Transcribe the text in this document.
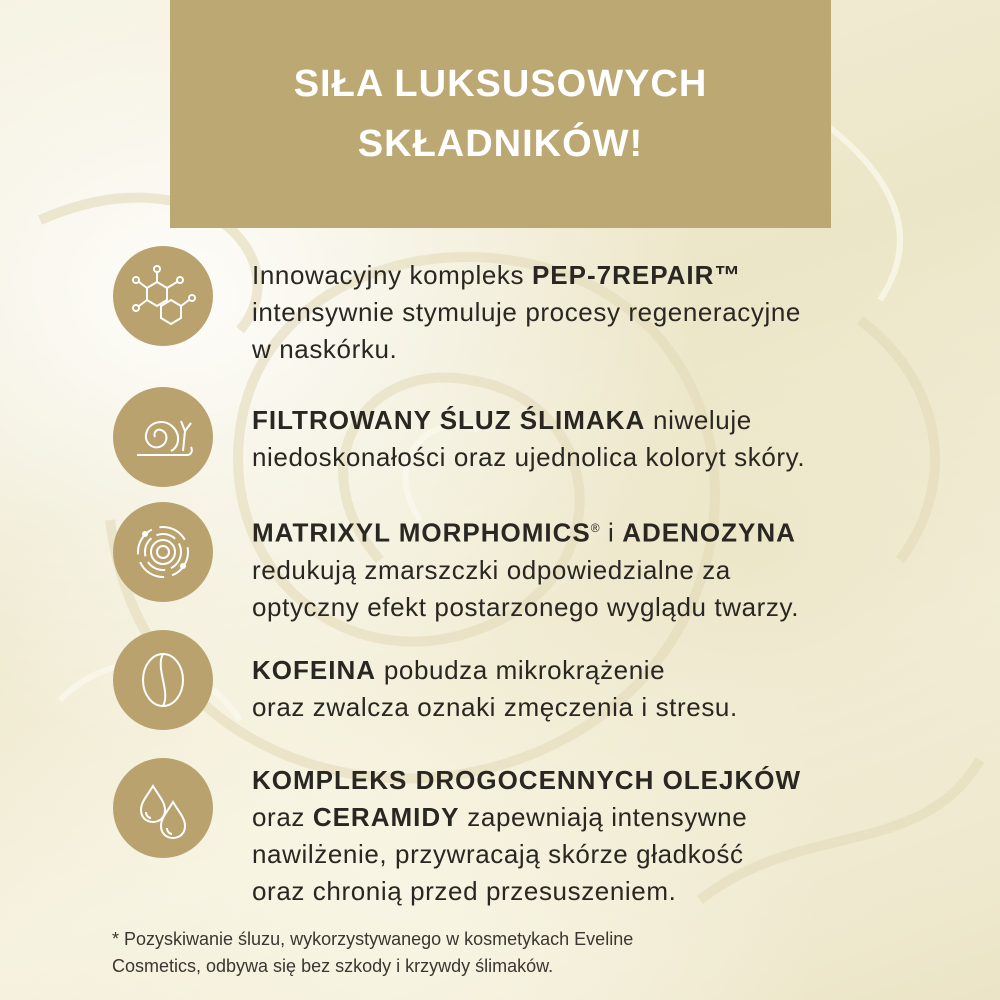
SIŁA LUKSUSOWYCH
SKŁADNIKÓW!
Innowacyjny kompleks PEP-7REPAIR™
intensywnie stymuluje procesy regeneracyjne
w naskórku.
FILTROWANY ŚLUZ ŚLIMAKA niweluje
niedoskonałości oraz ujednolica koloryt skóry.
MATRIXYL MORPHOMICS® i ADENOZYNA
redukują zmarszczki odpowiedzialne za
optyczny efekt postarzonego wyglądu twarzy.
KOFEINA pobudza mikrokrążenie
oraz zwalcza oznaki zmęczenia i stresu.
KOMPLEKS DROGOCENNYCH OLEJKÓW
oraz CERAMIDY zapewniają intensywne
nawilżenie, przywracają skórze gładkość
oraz chronią przed przesuszeniem.
* Pozyskiwanie śluzu, wykorzystywanego w kosmetykach Eveline
Cosmetics, odbywa się bez szkody i krzywdy ślimaków.
